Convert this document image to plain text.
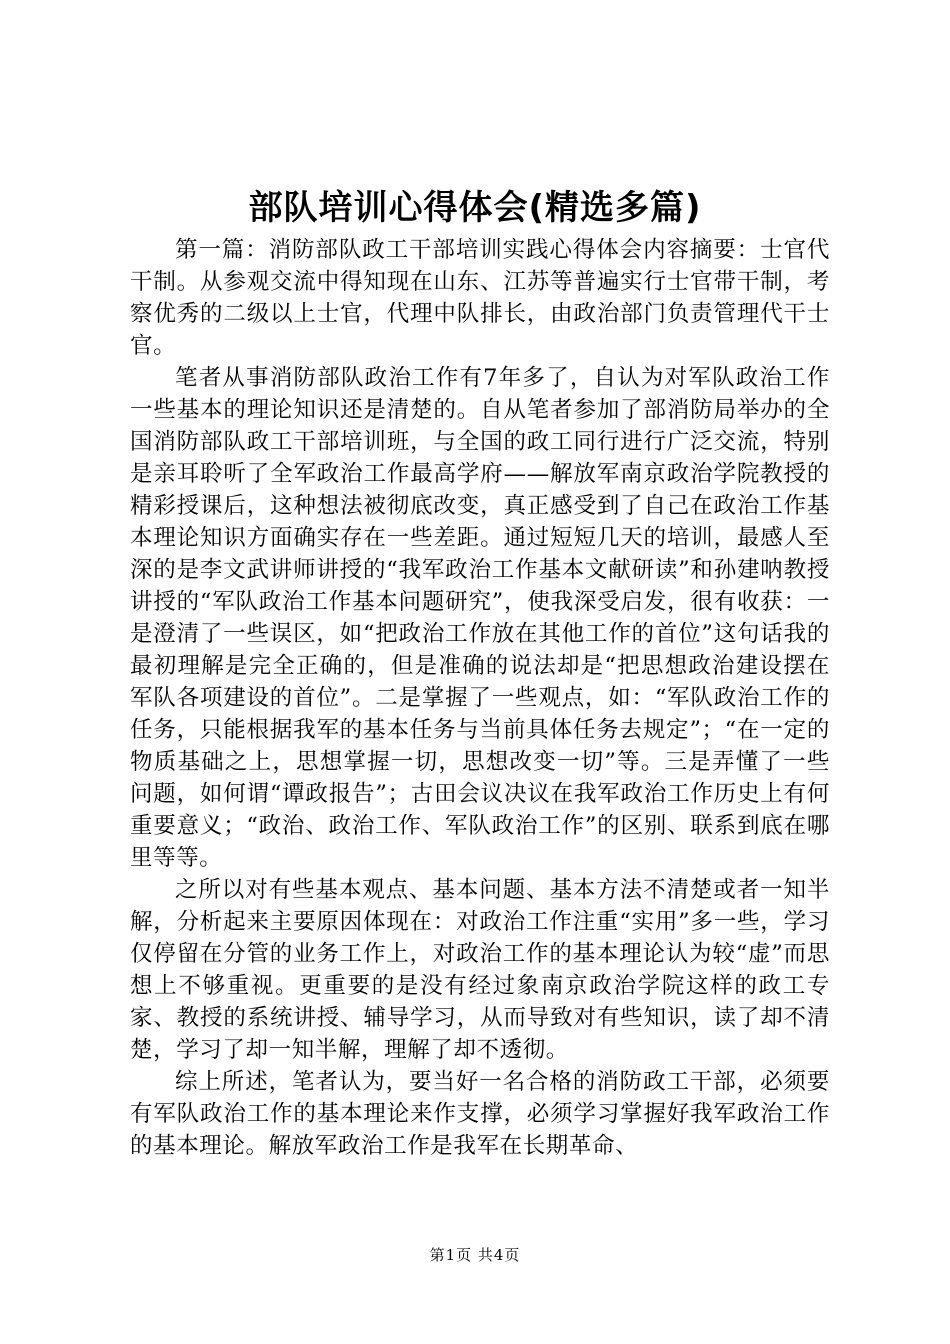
部队培训心得体会(精选多篇)

第一篇：消防部队政工干部培训实践心得体会内容摘要：士官代干制。从参观交流中得知现在山东、江苏等普遍实行士官带干制，考察优秀的二级以上士官，代理中队排长，由政治部门负责管理代干士官。

笔者从事消防部队政治工作有7年多了，自认为对军队政治工作一些基本的理论知识还是清楚的。自从笔者参加了部消防局举办的全国消防部队政工干部培训班，与全国的政工同行进行广泛交流，特别是亲耳聆听了全军政治工作最高学府——解放军南京政治学院教授的精彩授课后，这种想法被彻底改变，真正感受到了自己在政治工作基本理论知识方面确实存在一些差距。通过短短几天的培训，最感人至深的是李文武讲师讲授的“我军政治工作基本文献研读”和孙建呐教授讲授的“军队政治工作基本问题研究”，使我深受启发，很有收获：一是澄清了一些误区，如“把政治工作放在其他工作的首位”这句话我的最初理解是完全正确的，但是准确的说法却是“把思想政治建设摆在军队各项建设的首位”。二是掌握了一些观点，如：“军队政治工作的任务，只能根据我军的基本任务与当前具体任务去规定”；“在一定的物质基础之上，思想掌握一切，思想改变一切”等。三是弄懂了一些问题，如何谓“谭政报告”；古田会议决议在我军政治工作历史上有何重要意义；“政治、政治工作、军队政治工作”的区别、联系到底在哪里等等。

之所以对有些基本观点、基本问题、基本方法不清楚或者一知半解，分析起来主要原因体现在：对政治工作注重“实用”多一些，学习仅停留在分管的业务工作上，对政治工作的基本理论认为较“虚”而思想上不够重视。更重要的是没有经过象南京政治学院这样的政工专家、教授的系统讲授、辅导学习，从而导致对有些知识，读了却不清楚，学习了却一知半解，理解了却不透彻。

综上所述，笔者认为，要当好一名合格的消防政工干部，必须要有军队政治工作的基本理论来作支撑，必须学习掌握好我军政治工作的基本理论。解放军政治工作是我军在长期革命、

第1页 共4页
